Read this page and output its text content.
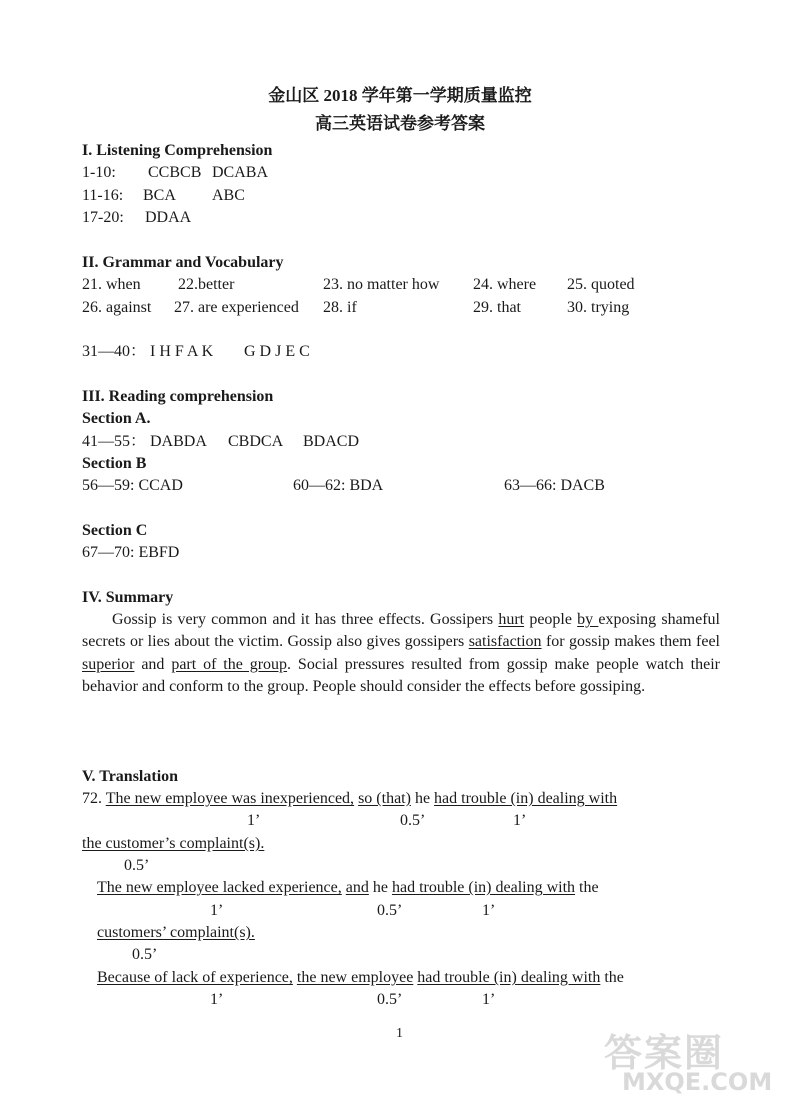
金山区 2018 学年第一学期质量监控
高三英语试卷参考答案
I. Listening Comprehension
1-10: CCBCB DCABA
11-16: BCA ABC
17-20: DDAA
II. Grammar and Vocabulary
21. when 22.better	23. no matter how 24. where 25. quoted
26. against 27. are experienced 28. if	29. that	30. trying
31—40： I H F A K G D J E C
III. Reading comprehension
Section A.
41—55： DABDA CBDCA BDACD
Section B
56—59: CCAD	60—62: BDA	63—66: DACB
Section C
67—70: EBFD
IV. Summary

Gossip is very common and it has three effects. Gossipers hurt people by exposing shameful secrets or lies about the victim. Gossip also gives gossipers satisfaction for gossip makes them feel superior and part of the group. Social pressures resulted from gossip make people watch their behavior and conform to the group. People should consider the effects before gossiping.

V. Translation
72. The new employee was inexperienced, so (that) he had trouble (in) dealing with
1’	0.5’	1’
the customer’s complaint(s).
0.5’
The new employee lacked experience, and he had trouble (in) dealing with the
1’	0.5’	1’
customers’ complaint(s).
0.5’
Because of lack of experience, the new employee had trouble (in) dealing with the
1’	0.5’	1’
1	答案圈
MXQE.COM
